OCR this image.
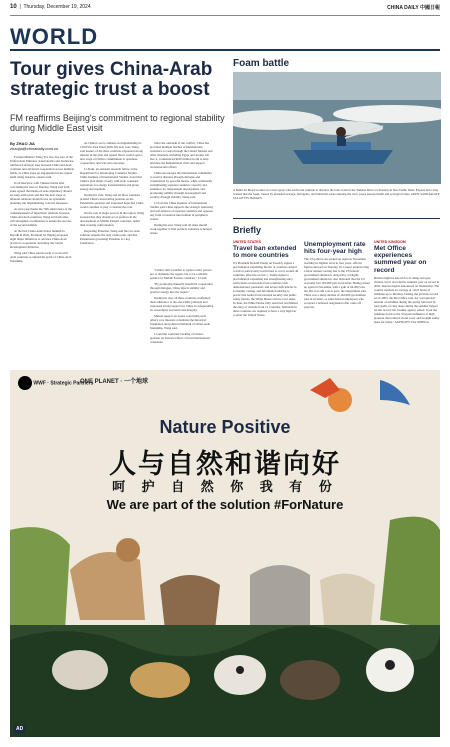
10  |  Thursday, December 19, 2024	CHINA DAILY 中國日報
WORLD
Tour gives China-Arab strategic trust a boost
FM reaffirms Beijing's commitment to regional stability during Middle East visit
By ZHAO JIA
zhaojia@chinadaily.com.cn

Foreign Minister Wang Yi's five-day tour of the United Arab Emirates, Saudi Arabia and Jordan has reinforced strategic trust between China and Arab countries and advanced cooperation across multiple fields, as China steps up engagement in the region amid rising tensions, experts said.

In an interview with Chinese media after concluding his tour on Tuesday, Wang said both sides agreed that heads-of-state diplomacy should set long-term goals and that the next stage of bilateral relations should focus on systematic planning and implementing concrete measures.

As next year marks the 70th anniversary of the commencement of diplomatic relations between China and Arab countries, Wang and both sides will strengthen coordination to ensure the success of the second summit.

At the first China-Arab States Summit in Riyadh in 2022, President Xi Jinping proposed eight major initiatives to advance China-Arab practical cooperation, including the Global Development Initiative.

Wang said China stands ready to work with Arab countries to uphold the spirit of China-Arab friendship.

As China is set to embark on implementing its 15th Five-Year Plan (2026-30) next year, Wang said leaders of the three countries expressed strong interest in the plan and agreed that it would open a new stage of China's commitment to openness, cooperation, and win-win outcomes.

Li Zixin, an assistant research fellow at the Department for Developing Countries Studies, China Institute of International Studies, noted that China's plan aligns closely with Arab countries' aspirations for energy transformation and green energy development.

During his visit, Wang and all three countries praised China's unwavering position on the Palestinian question and expressed hope that China would continue to play a constructive role.

On the role of major powers in the region, Wang stressed that they should act as partners in the development of Middle Eastern countries, rather than creating confrontation.

Regarding Palestine, Wang said the two-state solution remains the only viable path, and that Palestinians governing Palestine is a key foundation.

Since the outbreak of the conflict, China has provided multiple batches of humanitarian assistance to Gaza through the United Nations and other channels, including Egypt and Jordan. On Dec 4, it announced $100 million in aid to help alleviate the humanitarian crisis and support reconstruction efforts.

China encourages the international community to resolve disputes through dialogue and consultation by peaceful means, while continually strengthening regional countries' capacity and resilience for independent development, and promoting stability through development and security through stability, Wang said.

Li from the China Institute of International Studies said China supports the strategic autonomy and self-reliance of regional countries and opposes any form of external intervention in peripheral events.

During his tour, Wang said all sides should work together to find political solutions to hotspot issues.

"China's aim is neither to replace other powers nor to dominate the region, but to be a reliable partner for Middle Eastern countries," Li said.

"By promoting mutually beneficial cooperation through dialogue, China injects stability and positive energy into the region."

During his tour, all three countries reaffirmed their adherence to the one-China principle and expressed strong support for China in safeguarding its sovereignty and territorial integrity.

Mutual support on issues concerning each other's core interests constitutes the historical foundation and political hallmark of China-Arab friendship, Wang said.

Li said the countries' backing of China's position on Taiwan reflects a broad international consensus.

Foam battle
A Delhi Jal Board worker on a boat sprays anti-surfactant solution to dissolve the toxic foam in the Yamuna River on Tuesday in New Delhi, India. Experts have long warned that the foam, caused by untreated sewage, detergents, and industrial waste entering the river, poses serious health and ecological risks. ARUN SANKAR/AFP VIA GETTY IMAGES
Briefly
UNITED STATES
Travel ban extended to more countries
US President Donald Trump on Tuesday signed a proclamation expanding the list of countries subject to full or partial entry restrictions to cover around 40 countries, effective on Jan 1. Trump signed a proclamation expanding and strengthening entry restrictions on nationals from countries with demonstrated, persistent, and severe deficiencies in screening, vetting, and information-sharing to protect the nation from national security and public safety threats, the White House said in a fact sheet. In June, the White House fully restricted and limited the entry of citizens from 12 countries. Nationals in these countries are required to have a very high bar to enter the United States.
Unemployment rate hits four-year high
The US jobless rate picked up again in November, reaching its highest level in four years, official figures showed on Tuesday. In a report underscoring a labor market cooling due to the US federal government shutdown, delayed by a lengthy government shutdown, also indicated that the US economy lost 105,000 jobs in October. Hiring picked up again in November with a gain of 64,000 jobs, but this was still a slow pace, the Department said. There was a sharp decline of 162,000 government jobs in October, as some federal employees who accepted a deferred resignation offer came off payrolls.
UNITED KINGDOM
Met Office experiences summed year on record
Britain might be known for its damp and grey climate, but it recorded its sunniest year on record in 2025, meteorologists announced on Wednesday. The country notched an average of 1,622 hours of sunshine up to Monday, beating the previous record set in 2003, the Met Office said. An "exceptional" amount of sunshine during the spring followed by long spells of clear skies during the summer helped set the record, the weather agency added. It put the sunshine down to the "frequent influence of high pressure that reduced cloud cover and brought sunny skies for many." AGENCIES VIA XINHUA
WWF · Strategic Partners
ONE PLANET · 一个地球
Nature Positive
人与自然和谐向好
呵 护 自 然 你 我 有 份
We are part of the solution #ForNature
AD
